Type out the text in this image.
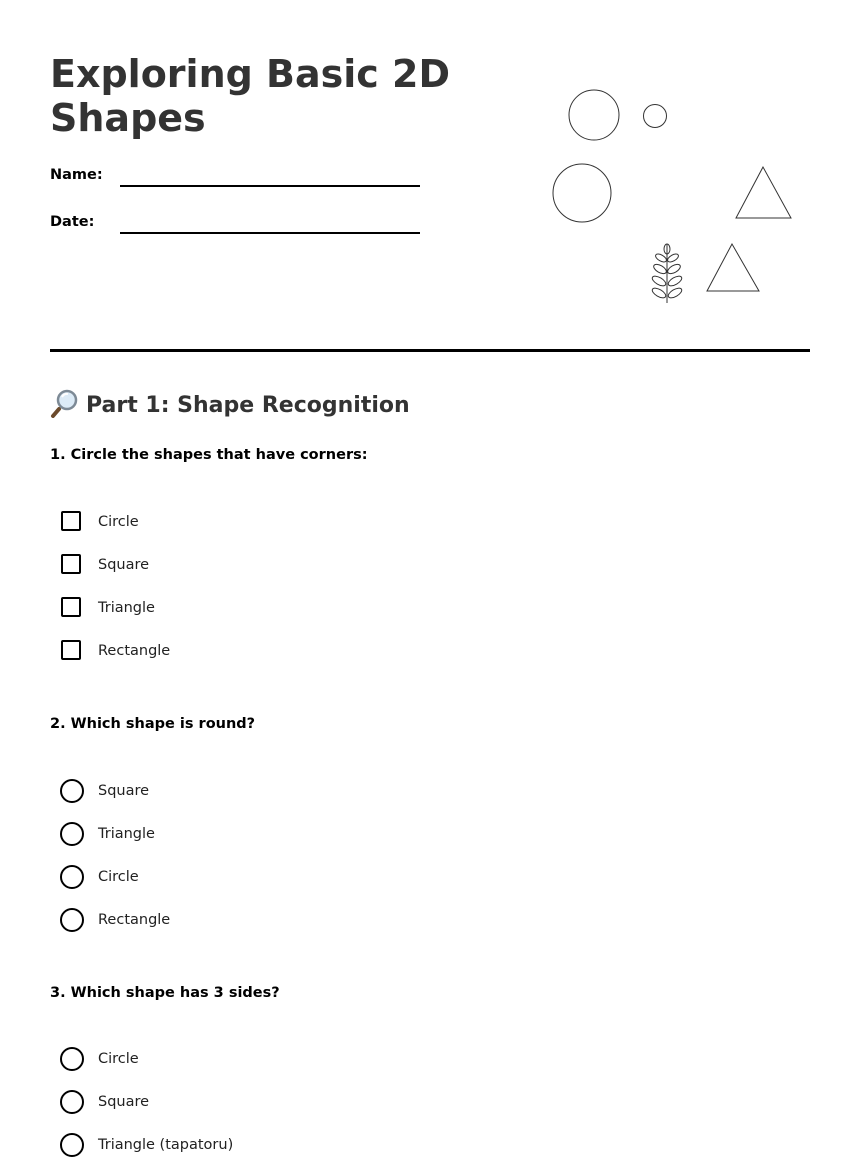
Exploring Basic 2D Shapes
Name:
Date:
Part 1: Shape Recognition

1. Circle the shapes that have corners:

Circle
Square
Triangle
Rectangle

2. Which shape is round?

Square
Triangle
Circle
Rectangle

3. Which shape has 3 sides?

Circle
Square
Triangle (tapatoru)
